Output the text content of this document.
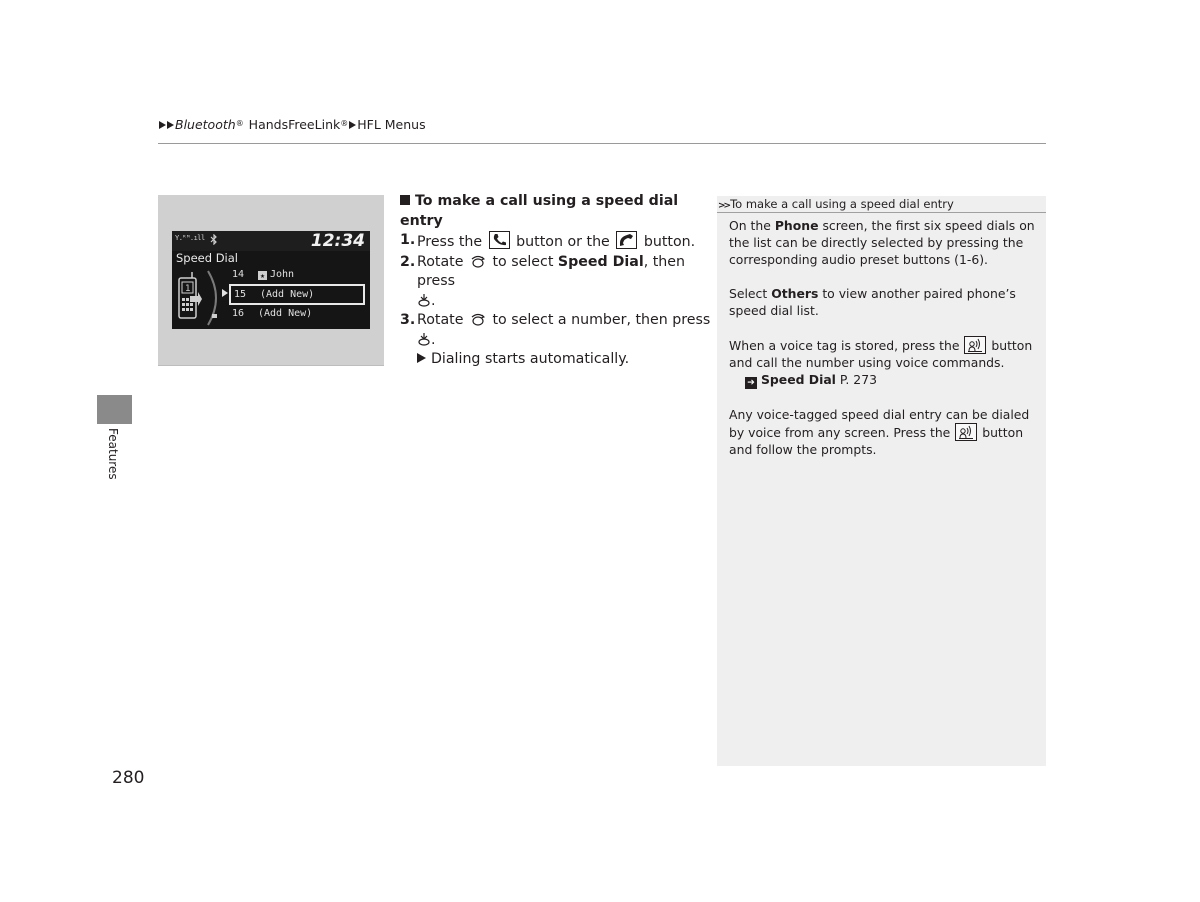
Bluetooth® HandsFreeLink® HFL Menus
Features
280
Y.ᴿᴹ.ıll	12:34
Speed Dial
1
14 ★ John
15 (Add New)
16 (Add New)
To make a call using a speed dial entry
1. Press the button or the button.
2. Rotate to select Speed Dial, then press
.
3. Rotate to select a number, then press
.
Dialing starts automatically.
>>To make a call using a speed dial entry

On the Phone screen, the first six speed dials on the list can be directly selected by pressing the corresponding audio preset buttons (1-6).

Select Others to view another paired phone’s speed dial list.

When a voice tag is stored, press the	button and call the number using voice commands.

➔ Speed Dial P. 273

Any voice-tagged speed dial entry can be dialed by voice from any screen. Press the	button and follow the prompts.
